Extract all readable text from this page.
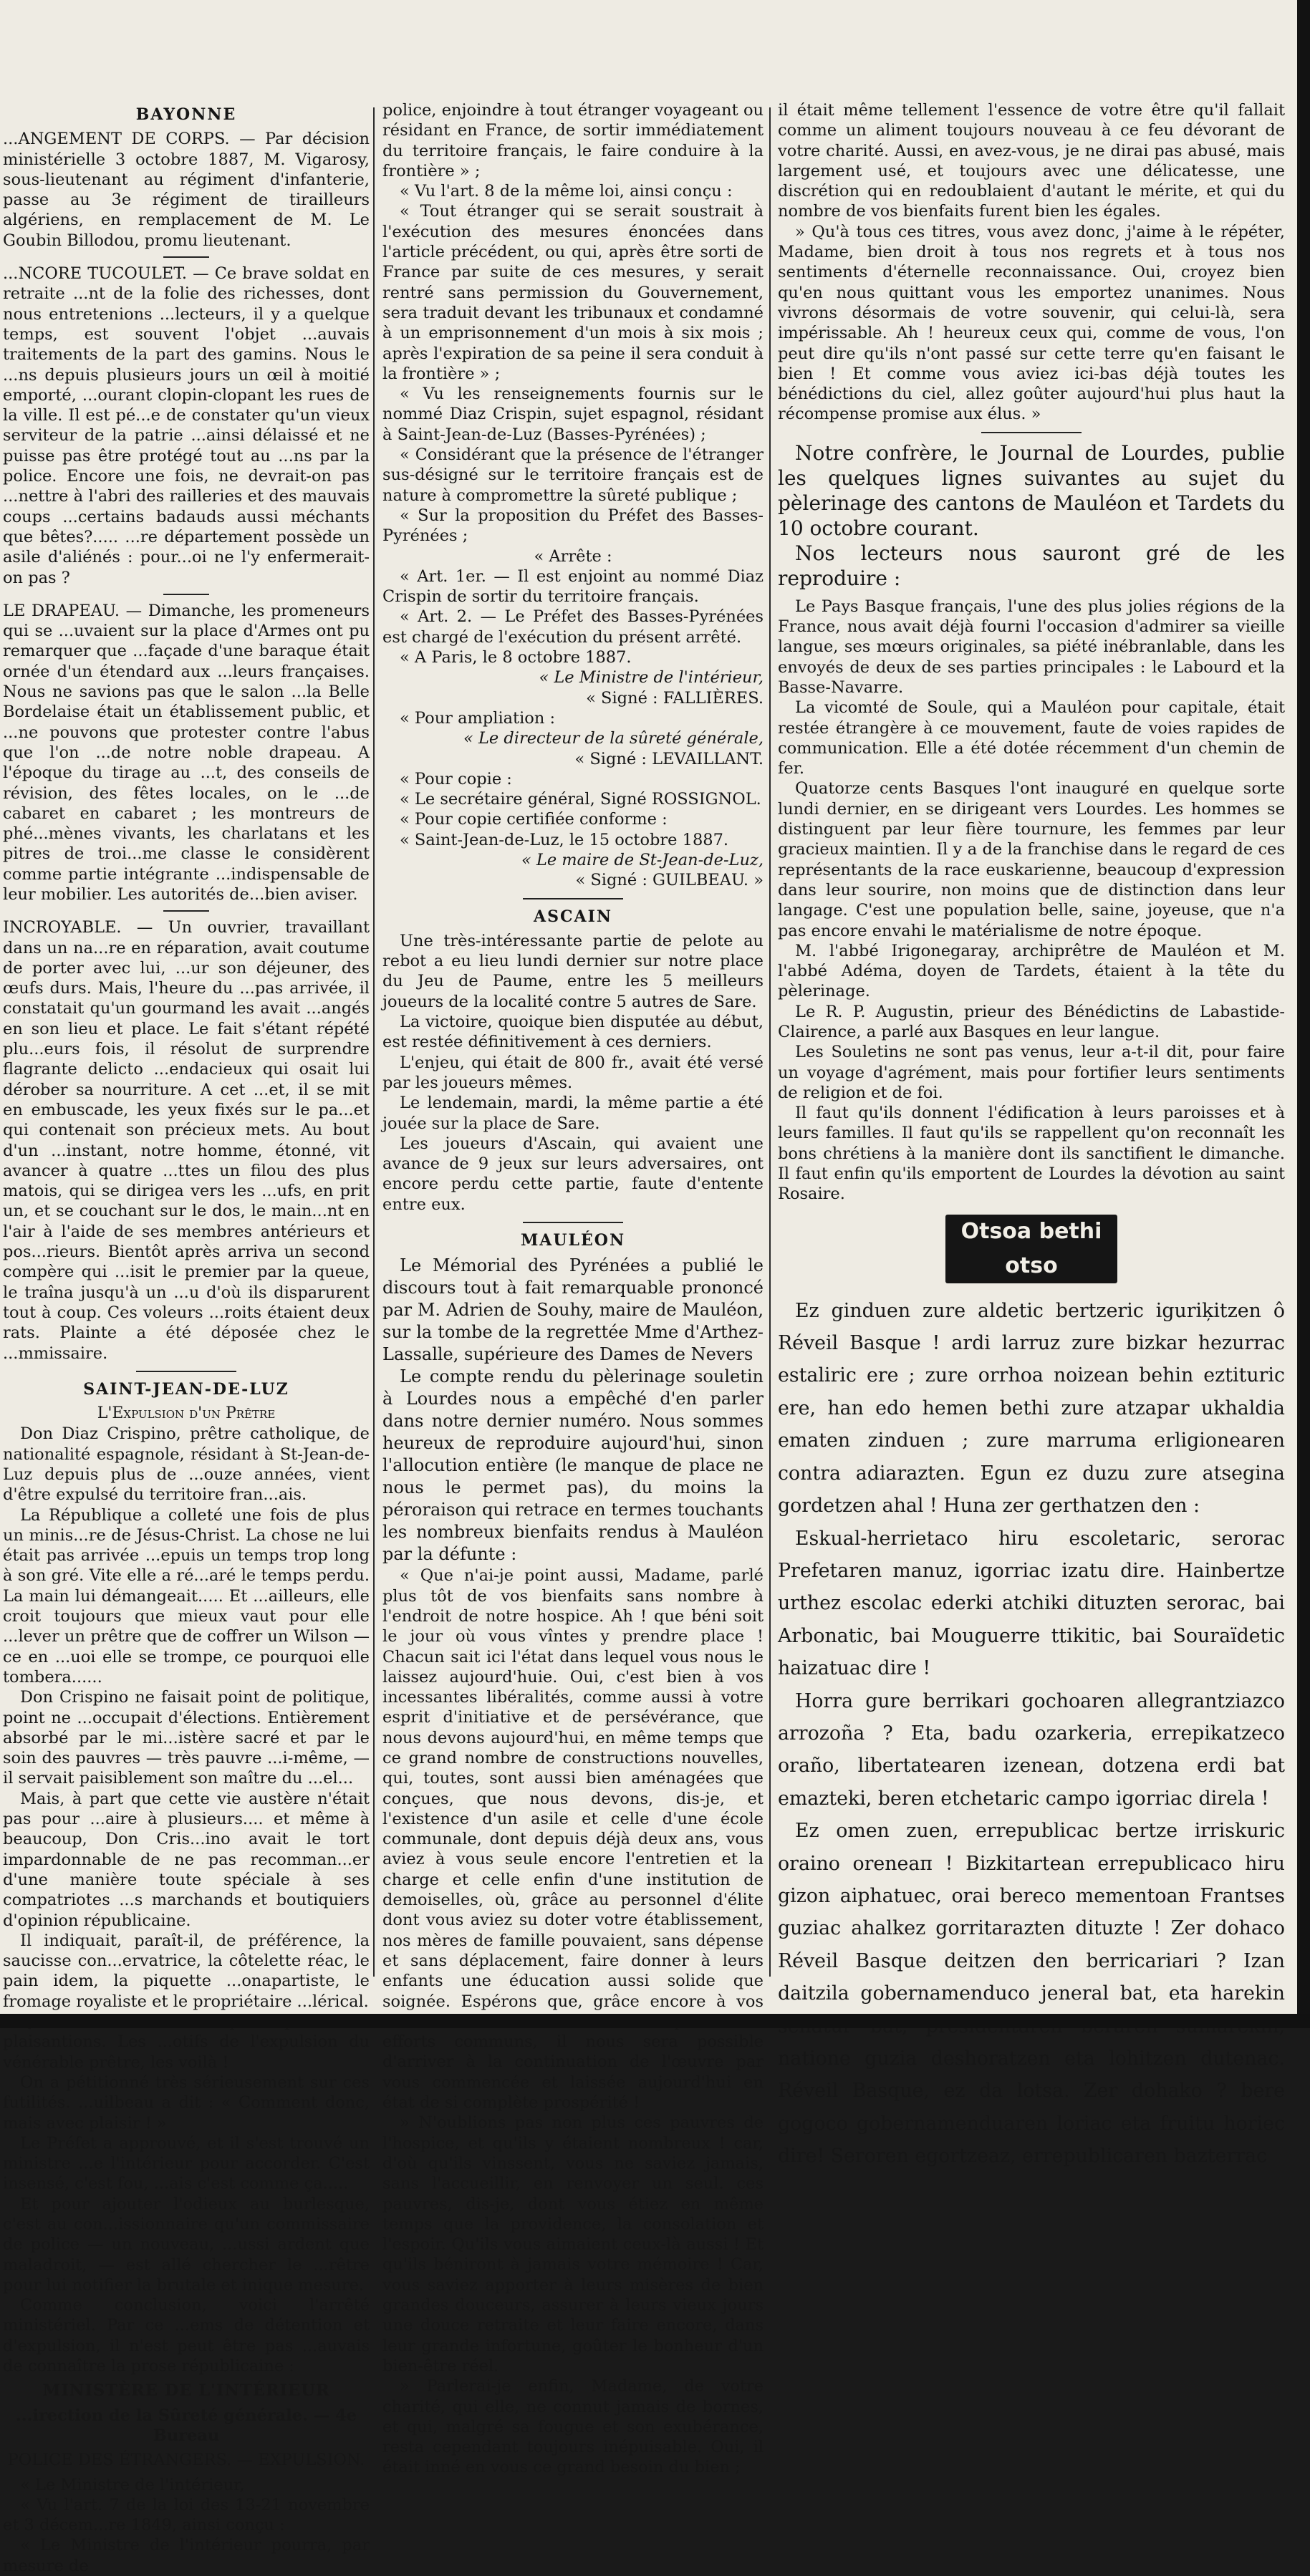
BAYONNE

...ANGEMENT DE CORPS. — Par décision ministérielle 3 octobre 1887, M. Vigarosy, sous-lieutenant au régiment d'infanterie, passe au 3e régiment de tirailleurs algériens, en remplacement de M. Le Goubin Billodou, promu lieutenant.

...NCORE TUCOULET. — Ce brave soldat en retraite ...nt de la folie des richesses, dont nous entretenions ...lecteurs, il y a quelque temps, est souvent l'objet ...auvais traitements de la part des gamins. Nous le ...ns depuis plusieurs jours un œil à moitié emporté, ...ourant clopin-clopant les rues de la ville. Il est pé...e de constater qu'un vieux serviteur de la patrie ...ainsi délaissé et ne puisse pas être protégé tout au ...ns par la police. Encore une fois, ne devrait-on pas ...nettre à l'abri des railleries et des mauvais coups ...certains badauds aussi méchants que bêtes?..... ...re département possède un asile d'aliénés : pour...oi ne l'y enfermerait-on pas ?

LE DRAPEAU. — Dimanche, les promeneurs qui se ...uvaient sur la place d'Armes ont pu remarquer que ...façade d'une baraque était ornée d'un étendard aux ...leurs françaises. Nous ne savions pas que le salon ...la Belle Bordelaise était un établissement public, et ...ne pouvons que protester contre l'abus que l'on ...de notre noble drapeau. A l'époque du tirage au ...t, des conseils de révision, des fêtes locales, on le ...de cabaret en cabaret ; les montreurs de phé...mènes vivants, les charlatans et les pitres de troi...me classe le considèrent comme partie intégrante ...indispensable de leur mobilier. Les autorités de...bien aviser.

INCROYABLE. — Un ouvrier, travaillant dans un na...re en réparation, avait coutume de porter avec lui, ...ur son déjeuner, des œufs durs. Mais, l'heure du ...pas arrivée, il constatait qu'un gourmand les avait ...angés en son lieu et place. Le fait s'étant répété plu...eurs fois, il résolut de surprendre flagrante delicto ...endacieux qui osait lui dérober sa nourriture. A cet ...et, il se mit en embuscade, les yeux fixés sur le pa...et qui contenait son précieux mets. Au bout d'un ...instant, notre homme, étonné, vit avancer à quatre ...ttes un filou des plus matois, qui se dirigea vers les ...ufs, en prit un, et se couchant sur le dos, le main...nt en l'air à l'aide de ses membres antérieurs et pos...rieurs. Bientôt après arriva un second compère qui ...isit le premier par la queue, le traîna jusqu'à un ...u d'où ils disparurent tout à coup. Ces voleurs ...roits étaient deux rats. Plainte a été déposée chez le ...mmissaire.

SAINT-JEAN-DE-LUZ
L'Expulsion d'un Prêtre

Don Diaz Crispino, prêtre catholique, de nationalité espagnole, résidant à St-Jean-de-Luz depuis plus de ...ouze années, vient d'être expulsé du territoire fran...ais.

La République a colleté une fois de plus un minis...re de Jésus-Christ. La chose ne lui était pas arrivée ...epuis un temps trop long à son gré. Vite elle a ré...aré le temps perdu. La main lui démangeait..... Et ...ailleurs, elle croit toujours que mieux vaut pour elle ...lever un prêtre que de coffrer un Wilson — ce en ...uoi elle se trompe, ce pourquoi elle tombera......

Don Crispino ne faisait point de politique, point ne ...occupait d'élections. Entièrement absorbé par le mi...istère sacré et par le soin des pauvres — très pauvre ...i-même, — il servait paisiblement son maître du ...el...

Mais, à part que cette vie austère n'était pas pour ...aire à plusieurs.... et même à beaucoup, Don Cris...ino avait le tort impardonnable de ne pas recomman...er d'une manière toute spéciale à ses compatriotes ...s marchands et boutiquiers d'opinion républicaine.

Il indiquait, paraît-il, de préférence, la saucisse con...ervatrice, la côtelette réac, le pain idem, la piquette ...onapartiste, le fromage royaliste et le propriétaire ...lérical.

plaisantions. Les ...otifs de l'expulsion du vénérable prêtre, les voilà !

On a pétitionné très sérieusement sur ces futilités. ...uilbeau a dit : « Comment donc, mais avec plaisir ! »

Le Préfet a approuvé, et il s'est trouvé un ministre ...e l'intérieur pour accorder. C'est insensé, c'est fou, ...ais c'est comme ça.....

Et pour ajouter l'odieux au burlesque, c'est au con...issionnaire qu'un commissaire de police — un nouveau, ...ussi ardent que maladroit, — est allé chercher le ...rêtre pour lui notifier la brutale et inique mesure.

Comme conclusion, voici l'arrêté ministériel. Par ce ...ems de détention et d'expulsion, il n'est peut être pas ...auvais de connaître la prose républicaine :

MINISTÈRE DE L'INTÉRIEUR
...irection de la Sûreté générale. — 4e Bureau
POLICE DES ÉTRANGERS. — EXPULSION.

« Le Ministre de l'intérieur,

« Vu l'art. 7 de la loi des 13-21 novembre et 3 décem...re 1849, ainsi conçu :

« Le Ministre de l'intérieur pourra, par mesure de

police, enjoindre à tout étranger voyageant ou résidant en France, de sortir immédiatement du territoire français, le faire conduire à la frontière » ;

« Vu l'art. 8 de la même loi, ainsi conçu :

« Tout étranger qui se serait soustrait à l'exécution des mesures énoncées dans l'article précédent, ou qui, après être sorti de France par suite de ces mesures, y serait rentré sans permission du Gouvernement, sera traduit devant les tribunaux et condamné à un emprisonnement d'un mois à six mois ; après l'expiration de sa peine il sera conduit à la frontière » ;

« Vu les renseignements fournis sur le nommé Diaz Crispin, sujet espagnol, résidant à Saint-Jean-de-Luz (Basses-Pyrénées) ;

« Considérant que la présence de l'étranger sus-désigné sur le territoire français est de nature à compromettre la sûreté publique ;

« Sur la proposition du Préfet des Basses-Pyrénées ;

« Arrête :

« Art. 1er. — Il est enjoint au nommé Diaz Crispin de sortir du territoire français.

« Art. 2. — Le Préfet des Basses-Pyrénées est chargé de l'exécution du présent arrêté.

« A Paris, le 8 octobre 1887.

« Le Ministre de l'intérieur,

« Signé : FALLIÈRES.

« Pour ampliation :

« Le directeur de la sûreté générale,

« Signé : LEVAILLANT.

« Pour copie :

« Le secrétaire général, Signé ROSSIGNOL.

« Pour copie certifiée conforme :

« Saint-Jean-de-Luz, le 15 octobre 1887.

« Le maire de St-Jean-de-Luz,

« Signé : GUILBEAU. »

ASCAIN

Une très-intéressante partie de pelote au rebot a eu lieu lundi dernier sur notre place du Jeu de Paume, entre les 5 meilleurs joueurs de la localité contre 5 autres de Sare.

La victoire, quoique bien disputée au début, est restée définitivement à ces derniers.

L'enjeu, qui était de 800 fr., avait été versé par les joueurs mêmes.

Le lendemain, mardi, la même partie a été jouée sur la place de Sare.

Les joueurs d'Ascain, qui avaient une avance de 9 jeux sur leurs adversaires, ont encore perdu cette partie, faute d'entente entre eux.

MAULÉON

Le Mémorial des Pyrénées a publié le discours tout à fait remarquable prononcé par M. Adrien de Souhy, maire de Mauléon, sur la tombe de la regrettée Mme d'Arthez-Lassalle, supérieure des Dames de Nevers

Le compte rendu du pèlerinage souletin à Lourdes nous a empêché d'en parler dans notre dernier numéro. Nous sommes heureux de reproduire aujourd'hui, sinon l'allocution entière (le manque de place ne nous le permet pas), du moins la péroraison qui retrace en termes touchants les nombreux bienfaits rendus à Mauléon par la défunte :

« Que n'ai-je point aussi, Madame, parlé plus tôt de vos bienfaits sans nombre à l'endroit de notre hospice. Ah ! que béni soit le jour où vous vîntes y prendre place ! Chacun sait ici l'état dans lequel vous nous le laissez aujourd'huie. Oui, c'est bien à vos incessantes libéralités, comme aussi à votre esprit d'initiative et de persévérance, que nous devons aujourd'hui, en même temps que ce grand nombre de constructions nouvelles, qui, toutes, sont aussi bien aménagées que conçues, que nous devons, dis-je, et l'existence d'un asile et celle d'une école communale, dont depuis déjà deux ans, vous aviez à vous seule encore l'entretien et la charge et celle enfin d'une institution de demoiselles, où, grâce au personnel d'élite dont vous aviez su doter votre établissement, nos mères de famille pouvaient, sans dépense et sans déplacement, faire donner à leurs enfants une éducation aussi solide que soignée. Espérons que, grâce encore à vos efforts communs, il nous sera possible d'arriver à la continuation de l'œuvre par vous commencée et laissée aujourd'hui en état de si complète prospérité !

» N'oublions pas non plus ces pauvres de l'hospice, et qu'ils y étaient nombreux ! car, d'où qu'ils vinssent, vous ne saviez jamais, sans l'accueillir, en renvoyer un seul. ces pauvres, dis-je, dont vous étiez en même temps que la providence, la consolation et l'espoir. Qu'ils vous aimaient ceux-là aussi ! Et qu'ils béniront à jamais votre mémoire ! Car, vous saviez apporter à leurs misères de bien grandes douceurs, assurer à leurs vieux jours une douce retraite et leur faire encore, dans leur grande infortune, goûter le bonheur d'un bien-être réel.

» Parlerai-je enfin, Madame, de votre charité, qui elle, ne connut jamais de bornes, et qui, malgré sa fougue et son exubérance, resta cependant toujours inépuisable. Oui, il était inné en vous ce grand besoin du bien ;

il était même tellement l'essence de votre être qu'il fallait comme un aliment toujours nouveau à ce feu dévorant de votre charité. Aussi, en avez-vous, je ne dirai pas abusé, mais largement usé, et toujours avec une délicatesse, une discrétion qui en redoublaient d'autant le mérite, et qui du nombre de vos bienfaits furent bien les égales.

» Qu'à tous ces titres, vous avez donc, j'aime à le répéter, Madame, bien droit à tous nos regrets et à tous nos sentiments d'éternelle reconnaissance. Oui, croyez bien qu'en nous quittant vous les emportez unanimes. Nous vivrons désormais de votre souvenir, qui celui-là, sera impérissable. Ah ! heureux ceux qui, comme de vous, l'on peut dire qu'ils n'ont passé sur cette terre qu'en faisant le bien ! Et comme vous aviez ici-bas déjà toutes les bénédictions du ciel, allez goûter aujourd'hui plus haut la récompense promise aux élus. »

Notre confrère, le Journal de Lourdes, publie les quelques lignes suivantes au sujet du pèlerinage des cantons de Mauléon et Tardets du 10 octobre courant.

Nos lecteurs nous sauront gré de les reproduire :

Le Pays Basque français, l'une des plus jolies régions de la France, nous avait déjà fourni l'occasion d'admirer sa vieille langue, ses mœurs originales, sa piété inébranlable, dans les envoyés de deux de ses parties principales : le Labourd et la Basse-Navarre.

La vicomté de Soule, qui a Mauléon pour capitale, était restée étrangère à ce mouvement, faute de voies rapides de communication. Elle a été dotée récemment d'un chemin de fer.

Quatorze cents Basques l'ont inauguré en quelque sorte lundi dernier, en se dirigeant vers Lourdes. Les hommes se distinguent par leur fière tournure, les femmes par leur gracieux maintien. Il y a de la franchise dans le regard de ces représentants de la race euskarienne, beaucoup d'expression dans leur sourire, non moins que de distinction dans leur langage. C'est une population belle, saine, joyeuse, que n'a pas encore envahi le matérialisme de notre époque.

M. l'abbé Irigonegaray, archiprêtre de Mauléon et M. l'abbé Adéma, doyen de Tardets, étaient à la tête du pèlerinage.

Le R. P. Augustin, prieur des Bénédictins de Labastide-Clairence, a parlé aux Basques en leur langue.

Les Souletins ne sont pas venus, leur a-t-il dit, pour faire un voyage d'agrément, mais pour fortifier leurs sentiments de religion et de foi.

Il faut qu'ils donnent l'édification à leurs paroisses et à leurs familles. Il faut qu'ils se rappellent qu'on reconnaît les bons chrétiens à la manière dont ils sanctifient le dimanche. Il faut enfin qu'ils emportent de Lourdes la dévotion au saint Rosaire.

Otsoa bethi otso

Ez ginduen zure aldetic bertzeric iguriķitzen ô Réveil Basque ! ardi larruz zure bizkar hezurrac estaliric ere ; zure orrhoa noizean behin eztituric ere, han edo hemen bethi zure atzapar ukhaldia ematen zinduen ; zure marruma erligionearen contra adiarazten. Egun ez duzu zure atsegina gordetzen ahal ! Huna zer gerthatzen den :

Eskual-herrietaco hiru escoletaric, serorac Prefetaren manuz, igorriac izatu dire. Hainbertze urthez escolac ederki atchiki dituzten serorac, bai Arbonatic, bai Mouguerre ttikitic, bai Souraïdetic haizatuac dire !

Horra gure berrikari gochoaren allegrantziazco arrozoña ? Eta, badu ozarkeria, errepikatzeco oraño, libertatearen izenean, dotzena erdi bat emazteki, beren etchetaric campo igorriac direla !

Ez omen zuen, errepublicac bertze irriskuric oraino oreneaп ! Bizkitartean errepublicaco hiru gizon aiphatuec, orai bereco mementoan Frantses guziac ahalkez gorritarazten dituzte ! Zer dohaco Réveil Basque deitzen den berricariari ? Izan daitzila gobernamenduco jeneral bat, eta harekin natione guzia deshoratzen eta lohitzen dutenac. Réveil Basque, ez da lotsa. Zer dohako ? bere gogoco gobernamenduaren loriac eta fruitu horiec dire! Seroren egortzeaz, errepublicaren bazterrac
